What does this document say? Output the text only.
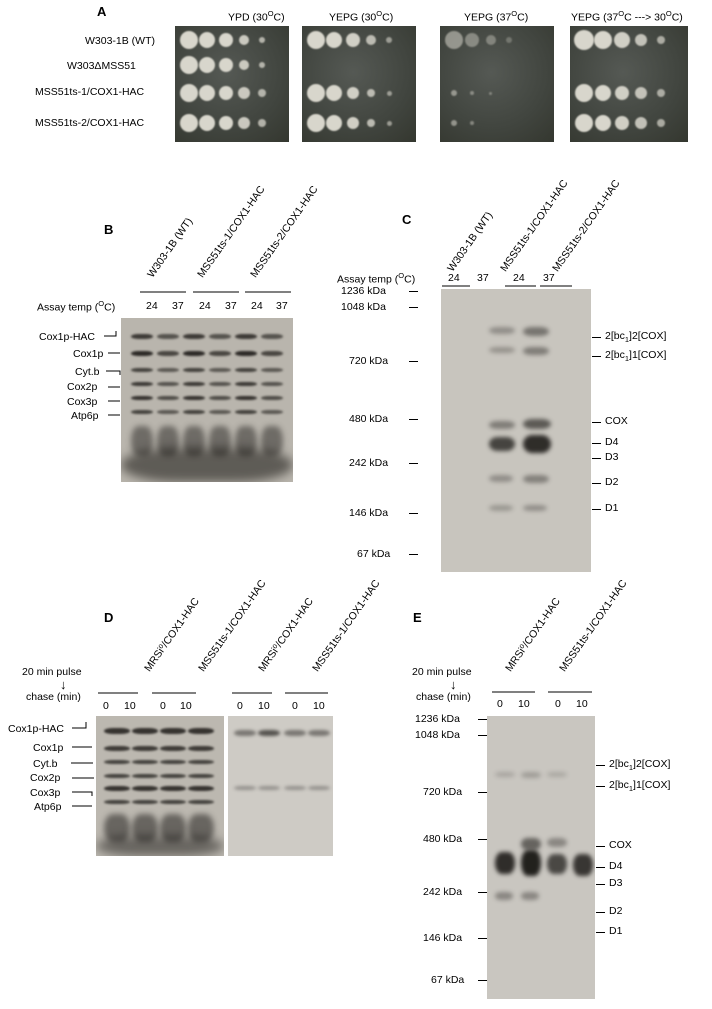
A	YPD $(30^OC)$	YEPG $(30^OC)$	YEPG $(37^OC)$	YEPG ($37^OC$ ---> $30^OC$)
W303-1B (WT)
W303ΔMSS51
MSS51ts-1/COX1-HAC
MSS51ts-2/COX1-HAC
B	W303-1B (WT) MSS51ts-1/COX1-HAC
MSS51ts-2/COX1-HAC
Assay temp ($^O$C)	24 37 24 37 24 37
Cox1p-HAC
Cox1p
Cyt.b
Cox2p
Cox3p
Atp6p
C	W303-1B (WT) MSS51ts-1/COX1-HAC
MSS51ts-2/COX1-HAC
Assay temp ($^O$C)	24 37 24 37
1236 kDa
1048 kDa
720 kDa
480 kDa
242 kDa
146 kDa
67 kDa
$2[bc_1]2[COX]$
$2[bc_1]1[COX]$
COX
D4
D3
D2
D1
D	MRSi⁰/COX1-HAC
MSS51ts-1/COX1-HAC
MRSi⁰/COX1-HAC
MSS51ts-1/COX1-HAC
20 min pulse
↓
chase (min)
0 10 0 10	0 10 0 10
Cox1p-HAC
Cox1p
Cyt.b
Cox2p
Cox3p
Atp6p
E	MRSi⁰/COX1-HAC
MSS51ts-1/COX1-HAC
20 min pulse
↓
chase (min)
0 10 0 10
1236 kDa
1048 kDa
720 kDa
480 kDa
242 kDa
146 kDa
67 kDa
$2[bc_1]2[COX]$
$2[bc_1]1[COX]$
COX
D4
D3
D2
D1
